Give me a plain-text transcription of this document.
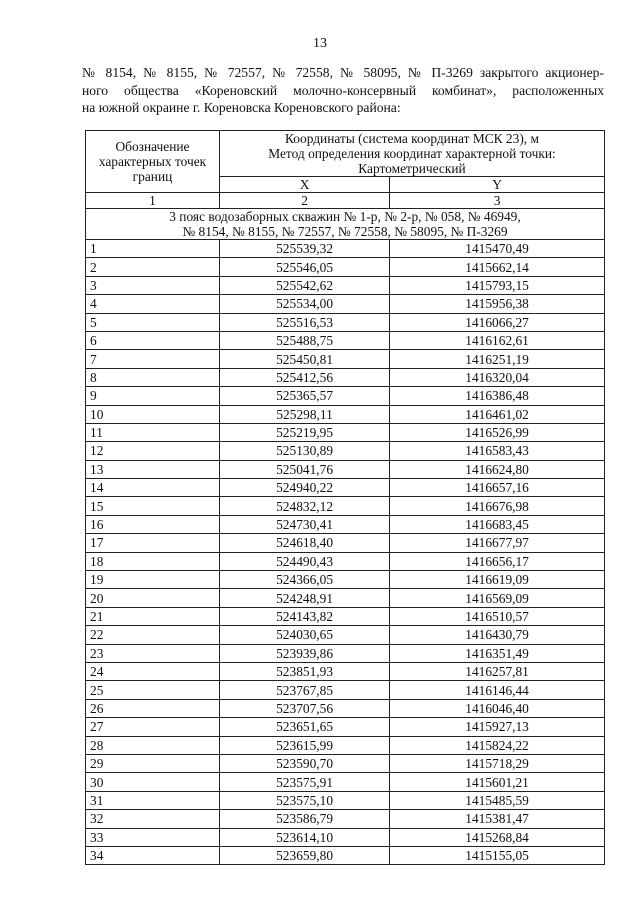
13
№ 8154, № 8155, № 72557, № 72558, № 58095, № П-3269 закрытого акционер-
ного общества «Кореновский молочно-консервный комбинат», расположенных
на южной окраине г. Кореновска Кореновского района:
Обозначение характерных точек границ	Координаты (система координат МСК 23), м
Метод определения координат характерной точки:
Картометрический	

	X	Y
1	2	3

3 пояс водозаборных скважин № 1-р, № 2-р, № 058, № 46949,
№ 8154, № 8155, № 72557, № 72558, № 58095, № П-3269		

1	525539,32	1415470,49
2	525546,05	1415662,14
3	525542,62	1415793,15
4	525534,00	1415956,38
5	525516,53	1416066,27
6	525488,75	1416162,61
7	525450,81	1416251,19
8	525412,56	1416320,04
9	525365,57	1416386,48
10	525298,11	1416461,02
11	525219,95	1416526,99
12	525130,89	1416583,43
13	525041,76	1416624,80
14	524940,22	1416657,16
15	524832,12	1416676,98
16	524730,41	1416683,45
17	524618,40	1416677,97
18	524490,43	1416656,17
19	524366,05	1416619,09
20	524248,91	1416569,09
21	524143,82	1416510,57
22	524030,65	1416430,79
23	523939,86	1416351,49
24	523851,93	1416257,81
25	523767,85	1416146,44
26	523707,56	1416046,40
27	523651,65	1415927,13
28	523615,99	1415824,22
29	523590,70	1415718,29
30	523575,91	1415601,21
31	523575,10	1415485,59
32	523586,79	1415381,47
33	523614,10	1415268,84
34	523659,80	1415155,05
